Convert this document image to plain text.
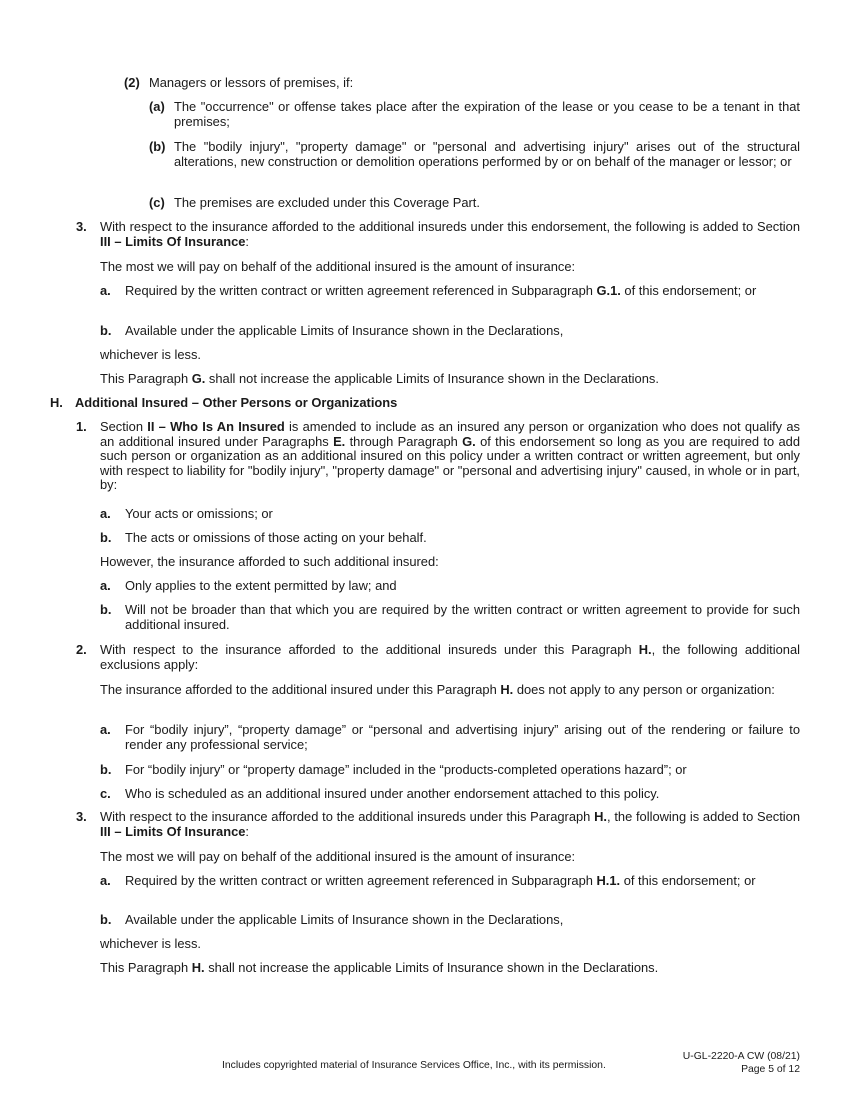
(2) Managers or lessors of premises, if:
(a) The "occurrence" or offense takes place after the expiration of the lease or you cease to be a tenant in that premises;
(b) The "bodily injury", "property damage" or "personal and advertising injury" arises out of the structural alterations, new construction or demolition operations performed by or on behalf of the manager or lessor; or
(c) The premises are excluded under this Coverage Part.
3.	With respect to the insurance afforded to the additional insureds under this endorsement, the following is added to Section III – Limits Of Insurance:
The most we will pay on behalf of the additional insured is the amount of insurance:
a.	Required by the written contract or written agreement referenced in Subparagraph G.1. of this endorsement; or
b.	Available under the applicable Limits of Insurance shown in the Declarations,
whichever is less.
This Paragraph G. shall not increase the applicable Limits of Insurance shown in the Declarations.
H. Additional Insured – Other Persons or Organizations
1.	Section II – Who Is An Insured is amended to include as an insured any person or organization who does not qualify as an additional insured under Paragraphs E. through Paragraph G. of this endorsement so long as you are required to add such person or organization as an additional insured on this policy under a written contract or written agreement, but only with respect to liability for "bodily injury", "property damage" or "personal and advertising injury" caused, in whole or in part, by:
a.	Your acts or omissions; or
b.	The acts or omissions of those acting on your behalf.
However, the insurance afforded to such additional insured:
a.	Only applies to the extent permitted by law; and
b.	Will not be broader than that which you are required by the written contract or written agreement to provide for such additional insured.
2.	With respect to the insurance afforded to the additional insureds under this Paragraph H., the following additional exclusions apply:
The insurance afforded to the additional insured under this Paragraph H. does not apply to any person or organization:
a.	For “bodily injury”, “property damage” or “personal and advertising injury” arising out of the rendering or failure to render any professional service;
b.	For “bodily injury” or “property damage” included in the “products-completed operations hazard”; or
c.	Who is scheduled as an additional insured under another endorsement attached to this policy.
3.	With respect to the insurance afforded to the additional insureds under this Paragraph H., the following is added to Section III – Limits Of Insurance:
The most we will pay on behalf of the additional insured is the amount of insurance:
a.	Required by the written contract or written agreement referenced in Subparagraph H.1. of this endorsement; or
b.	Available under the applicable Limits of Insurance shown in the Declarations,
whichever is less.
This Paragraph H. shall not increase the applicable Limits of Insurance shown in the Declarations.
Includes copyrighted material of Insurance Services Office, Inc., with its permission.
U-GL-2220-A CW (08/21)
Page 5 of 12
